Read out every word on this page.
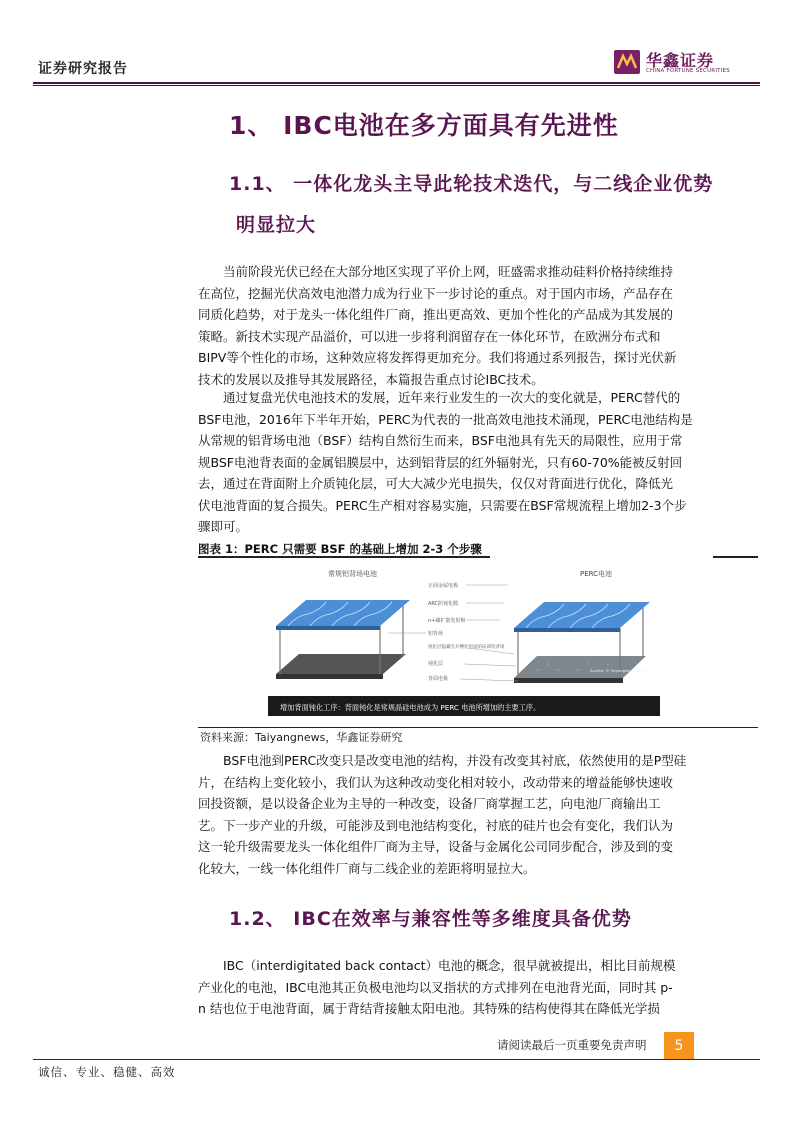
证券研究报告	华鑫证券
CHINA FORTUNE SECURITIES
1、 IBC电池在多方面具有先进性
1.1、 一体化龙头主导此轮技术迭代，与二线企业优势
明显拉大
　　当前阶段光伏已经在大部分地区实现了平价上网，旺盛需求推动硅料价格持续维持
在高位，挖掘光伏高效电池潜力成为行业下一步讨论的重点。对于国内市场，产品存在
同质化趋势，对于龙头一体化组件厂商，推出更高效、更加个性化的产品成为其发展的
策略。新技术实现产品溢价，可以进一步将利润留存在一体化环节，在欧洲分布式和
BIPV等个性化的市场，这种效应将发挥得更加充分。我们将通过系列报告，探讨光伏新
技术的发展以及推导其发展路径，本篇报告重点讨论IBC技术。
　　通过复盘光伏电池技术的发展，近年来行业发生的一次大的变化就是，PERC替代的
BSF电池，2016年下半年开始，PERC为代表的一批高效电池技术涌现，PERC电池结构是
从常规的铝背场电池（BSF）结构自然衍生而来，BSF电池具有先天的局限性，应用于常
规BSF电池背表面的金属铝膜层中，达到铝背层的红外辐射光，只有60-70%能被反射回
去，通过在背面附上介质钝化层，可大大减少光电损失，仅仅对背面进行优化，降低光
伏电池背面的复合损失。PERC生产相对容易实施，只需要在BSF常规流程上增加2-3个步
骤即可。
图表 1：PERC 只需要 BSF 的基础上增加 2-3 个步骤
常规铝背场电池	PERC电池
Source: © TaiyangNews 2017
正面金属电极
ARC防钝化膜
n+磷扩散发射极
铝背场
钝化层隐藏光开槽处形成的局部铝背场
钝化层
背面电极
增加背面钝化工序：背面钝化是常规晶硅电池成为 PERC 电池所增加的主要工序。
资料来源：Taiyangnews，华鑫证券研究
　　BSF电池到PERC改变只是改变电池的结构，并没有改变其衬底，依然使用的是P型硅
片，在结构上变化较小，我们认为这种改动变化相对较小，改动带来的增益能够快速收
回投资额，是以设备企业为主导的一种改变，设备厂商掌握工艺，向电池厂商输出工
艺。下一步产业的升级，可能涉及到电池结构变化，衬底的硅片也会有变化，我们认为
这一轮升级需要龙头一体化组件厂商为主导，设备与金属化公司同步配合，涉及到的变
化较大，一线一体化组件厂商与二线企业的差距将明显拉大。
1.2、 IBC在效率与兼容性等多维度具备优势
　　IBC（interdigitated back contact）电池的概念，很早就被提出，相比目前规模
产业化的电池，IBC电池其正负极电池均以叉指状的方式排列在电池背光面，同时其 p-
n 结也位于电池背面，属于背结背接触太阳电池。其特殊的结构使得其在降低光学损
请阅读最后一页重要免责声明	5
诚信、专业、稳健、高效
